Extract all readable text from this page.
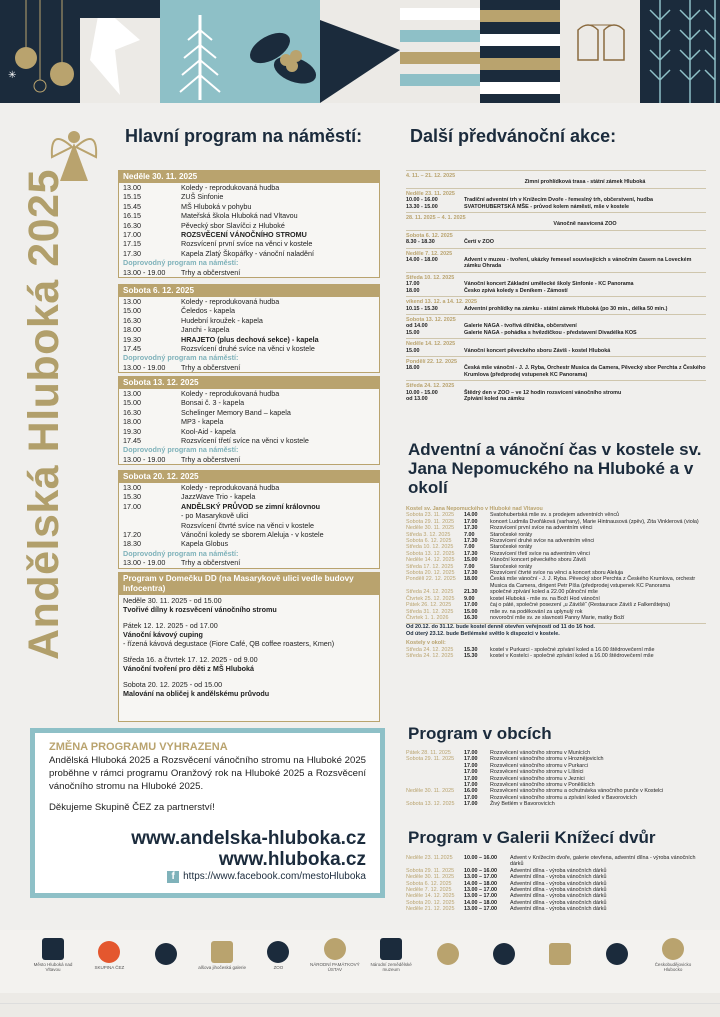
✳
Andělská Hluboká 2025
Hlavní program na náměstí:	Další předvánoční akce:
Neděle 30. 11. 2025
13.00	Koledy - reprodukovaná hudba
15.15	ZUŠ Sinfonie
15.45	MŠ Hluboká v pohybu
16.15	Mateřská škola Hluboká nad Vltavou
16.30	Pěvecký sbor Slavíčci z Hluboké
17.00	ROZSVĚCENÍ VÁNOČNÍHO STROMU
17.15	Rozsvícení první svíce na věnci v kostele
17.30	Kapela Zlatý Škopářky - vánoční naladění
Doprovodný program na náměstí:
13.00 - 19.00	Trhy a občerstvení
Sobota 6. 12. 2025
13.00	Koledy - reprodukovaná hudba
15.00	Čeledos - kapela
16.30	Hudební kroužek - kapela
18.00	Janchi - kapela
19.30	HRAJETO (plus dechová sekce) - kapela
17.45	Rozsvícení druhé svíce na věnci v kostele
Doprovodný program na náměstí:
13.00 - 19.00	Trhy a občerstvení
Sobota 13. 12. 2025
13.00	Koledy - reprodukovaná hudba
15.00	Bonsai č. 3 - kapela
16.30	Schelinger Memory Band – kapela
18.00	MP3 - kapela
19.30	Kool-Aid - kapela
17.45	Rozsvícení třetí svíce na věnci v kostele
Doprovodný program na náměstí:
13.00 - 19.00	Trhy a občerstvení
Sobota 20. 12. 2025
13.00	Koledy - reprodukovaná hudba
15.30	JazzWave Trio - kapela
17.00	ANDĚLSKÝ PRŮVOD se zimní královnou
- po Masarykově ulici
Rozsvícení čtvrté svíce na věnci v kostele
17.20	Vánoční koledy se sborem Aleluja - v kostele
18.30	Kapela Globus
Doprovodný program na náměstí:
13.00 - 19.00	Trhy a občerstvení
Program v Domečku DD (na Masarykově ulici vedle budovy Infocentra)

Neděle 30. 11. 2025 - od 15.00

Tvořivé dílny k rozsvěcení vánočního stromu

Pátek 12. 12. 2025 - od 17.00

Vánoční kávový cuping

- řízená kávová degustace (Fiore Café, QB coffee roasters, Kmen)

Středa 16. a čtvrtek 17. 12. 2025 - od 9.00

Vánoční tvoření pro děti z MŠ Hluboká

Sobota 20. 12. 2025 - od 15.00

Malování na obličej k andělskému průvodu

ZMĚNA PROGRAMU VYHRAZENA
Andělská Hluboká 2025 a Rozsvěcení vánočního stromu na Hluboké 2025 proběhne v rámci programu Oranžový rok na Hluboké 2025 a Rozsvěcení vánočního stromu na Hluboké 2025.
Děkujeme Skupině ČEZ za partnerství!
www.andelska-hluboka.cz
www.hluboka.cz
f https://www.facebook.com/mestoHluboka
4. 11. – 21. 12. 2025
Zimní prohlídková trasa - státní zámek Hluboká
Neděle 23. 11. 2025
10.00 - 16.00	Tradiční adventní trh v Knížecím Dvoře - řemeslný trh, občerstvení, hudba
13.30 - 15.00	SVATOHUBERTSKÁ MŠE - průvod kolem náměstí, mše v kostele
28. 11. 2025 – 4. 1. 2025
Vánočně nasvícená ZOO
Sobota 6. 12. 2025
8.30 - 18.30	Čertí v ZOO
Neděle 7. 12. 2025
14.00 - 18.00	Advent v muzeu - tvoření, ukázky řemesel souvisejících s vánočním časem na Loveckém zámku Ohrada
Středa 10. 12. 2025
17.00	Vánoční koncert Základní umělecké školy Sinfonie - KC Panorama
18.00	Česko zpívá koledy s Deníkem - Zámostí
víkend 13. 12. a 14. 12. 2025
10.15 - 15.30	Adventní prohlídky na zámku - státní zámek Hluboká (po 30 min., délka 50 min.)
Sobota 13. 12. 2025
od 14.00	Galerie NAGA - tvořivá dílnička, občerstvení
15.00	Galerie NAGA - pohádka s hvězdičkou - představení Divadélka KOS
Neděle 14. 12. 2025
15.00	Vánoční koncert pěveckého sboru Záviš - kostel Hluboká
Pondělí 22. 12. 2025
18.00	Česká mše vánoční - J. J. Ryba, Orchestr Musica da Camera, Pěvecký sbor Perchta z Českého Krumlova (předprodej vstupenek KC Panorama)
Středa 24. 12. 2025
10.00 - 15.00	Štědrý den v ZOO – ve 12 hodin rozsvícení vánočního stromu
od 13.00	Zpívání koled na zámku
Adventní a vánoční čas v kostele sv. Jana Nepomuckého na Hluboké a v okolí
Kostel sv. Jana Nepomuckého v Hluboké nad Vltavou
Sobota 23. 11. 2025	14.00	Svatohubertská mše sv. s prodejem adventních věnců
Sobota 29. 11. 2025	17.00	koncert Ludmila Dvořáková (varhany), Marie Hintnausová (zpěv), Zita Vinklerová (viola)
Neděle 30. 11. 2025	17.30	Rozsvícení první svíce na adventním věnci
Středa 3. 12. 2025	7.00	Staročeské roráty
Sobota 6. 12. 2025	17.30	Rozsvícení druhé svíce na adventním věnci
Středa 10. 12. 2025	7.00	Staročeské roráty
Sobota 13. 12. 2025	17.30	Rozsvícení třetí svíce na adventním věnci
Neděle 14. 12. 2025	15.00	Vánoční koncert pěveckého sboru Záviš
Středa 17. 12. 2025	7.00	Staročeské roráty
Sobota 20. 12. 2025	17.30	Rozsvícení čtvrté svíce na věnci a koncert sboru Aleluja
Pondělí 22. 12. 2025	18.00	Česká mše vánoční - J. J. Ryba. Pěvecký sbor Perchta z Českého Krumlova, orchestr Musica da Camera, dirigent Petr Píša (předprodej vstupenek KC Panorama
Středa 24. 12. 2025	21.30	společné zpívání koled a 22.00 půlnoční mše
Čtvrtek 25. 12. 2025	9.00	kostel Hluboká - mše sv. na Boží Hod vánoční
Pátek 26. 12. 2025	17.00	čaj o páté, společné posezení „u Závišě“ (Restaurace Záviš z Falkenštejna)
Středa 31. 12. 2025	15.00	mše sv. na poděkování za uplynulý rok
Čtvrtek 1. 1. 2026	16.30	novoroční mše sv. ze slavnosti Panny Marie, matky Boží
Od 20.12. do 31.12. bude kostel denně otevřen veřejnosti od 11 do 16 hod.
Od úterý 23.12. bude Betlémské světlo k dispozici v kostele.
Kostely v okolí:
Středa 24. 12. 2025	15.30	kostel v Purkarci - společné zpívání koled a 16.00 štědrovečerní mše
Středa 24. 12. 2025	15.30	kostel v Kostelci - společné zpívání koled a 16.00 štědrovečerní mše
Program v obcích
Pátek 28. 11. 2025	17.00	Rozsvěcení vánočního stromu v Munících
Sobota 29. 11. 2025	17.00	Rozsvěcení vánočního stromu v Hroznějovicích
17.00	Rozsvěcení vánočního stromu v Purkarci
17.00	Rozsvěcení vánočního stromu v Líšnici
17.00	Rozsvěcení vánočního stromu v Jeznici
17.00	Rozsvěcení vánočního stromu v Poněšicích
Neděle 30. 11. 2025	16.00	Rozsvěcení vánočního stromu a ochutnávka vánočního punče v Kostelci
17.00	Rozsvěcení vánočního stromu a zpívání koled v Bavorovicích
Sobota 13. 12. 2025	17.00	Živý Betlém v Bavorovicích
Program v Galerii Knížecí dvůr
Neděle 23. 11.2025	10.00 – 16.00	Advent v Knížecím dvoře, galerie otevřena, adventní dílna - výroba vánočních dárků
Sobota 29. 11. 2025	10.00 – 16.00	Adventní dílna - výroba vánočních dárků
Neděle 30. 11. 2025	13.00 – 17.00	Adventní dílna - výroba vánočních dárků
Sobota 6. 12. 2025	14.00 – 18.00	Adventní dílna - výroba vánočních dárků
Neděle 7. 12. 2025	13.00 – 17.00	Adventní dílna - výroba vánočních dárků
Neděle 14. 12. 2025	13.00 – 17.00	Adventní dílna - výroba vánočních dárků
Sobota 20. 12. 2025	14.00 – 18.00	Adventní dílna - výroba vánočních dárků
Neděle 21. 12. 2025	13.00 – 17.00	Adventní dílna - výroba vánočních dárků
Město Hluboká nad Vltavou	SKUPINA ČEZ	alšova jihočeská galerie	ZOO	NÁRODNÍ PAMÁTKOVÝ ÚSTAV
Národní zemědělské muzeum
Českobudějovicko Hlubocko
